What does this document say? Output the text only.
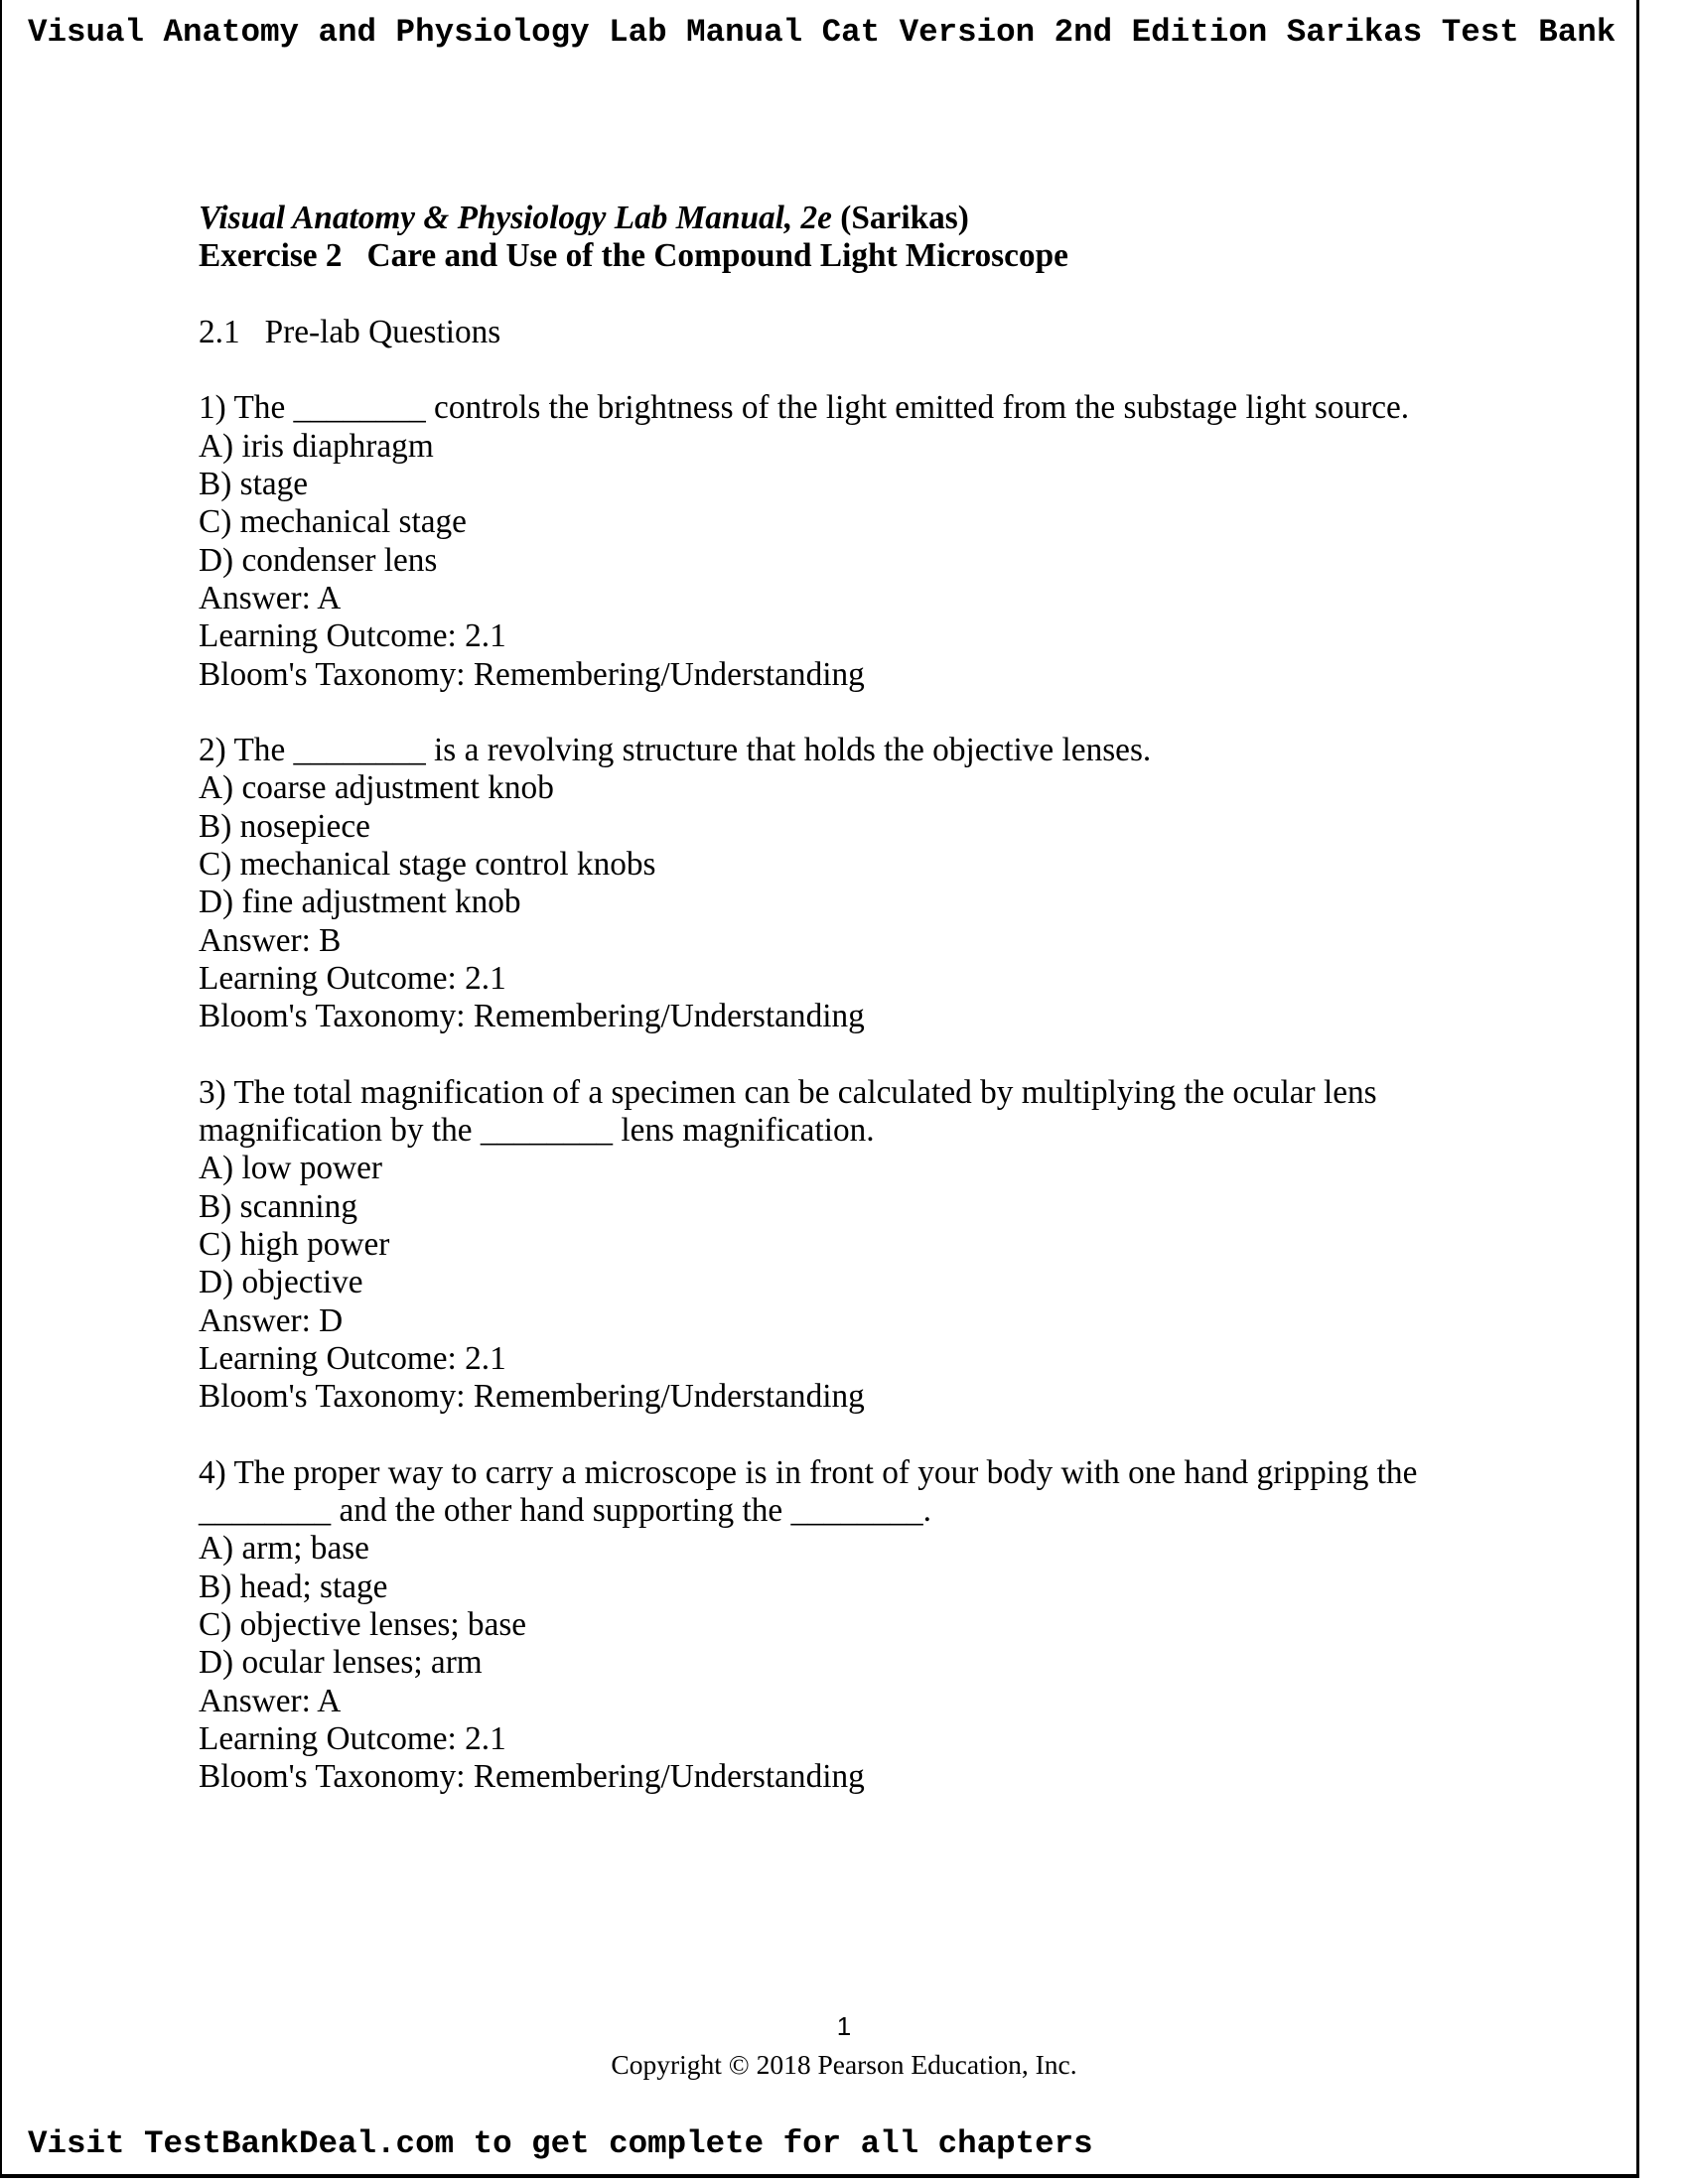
Visual Anatomy and Physiology Lab Manual Cat Version 2nd Edition Sarikas Test Bank
Visual Anatomy & Physiology Lab Manual, 2e (Sarikas)
Exercise 2   Care and Use of the Compound Light Microscope
2.1   Pre-lab Questions
1) The ________ controls the brightness of the light emitted from the substage light source.
A) iris diaphragm
B) stage
C) mechanical stage
D) condenser lens
Answer: A
Learning Outcome: 2.1
Bloom's Taxonomy: Remembering/Understanding
2) The ________ is a revolving structure that holds the objective lenses.
A) coarse adjustment knob
B) nosepiece
C) mechanical stage control knobs
D) fine adjustment knob
Answer: B
Learning Outcome: 2.1
Bloom's Taxonomy: Remembering/Understanding
3) The total magnification of a specimen can be calculated by multiplying the ocular lens magnification by the ________ lens magnification.
A) low power
B) scanning
C) high power
D) objective
Answer: D
Learning Outcome: 2.1
Bloom's Taxonomy: Remembering/Understanding
4) The proper way to carry a microscope is in front of your body with one hand gripping the ________ and the other hand supporting the ________.
A) arm; base
B) head; stage
C) objective lenses; base
D) ocular lenses; arm
Answer: A
Learning Outcome: 2.1
Bloom's Taxonomy: Remembering/Understanding
1
Copyright © 2018 Pearson Education, Inc.
Visit TestBankDeal.com to get complete for all chapters
